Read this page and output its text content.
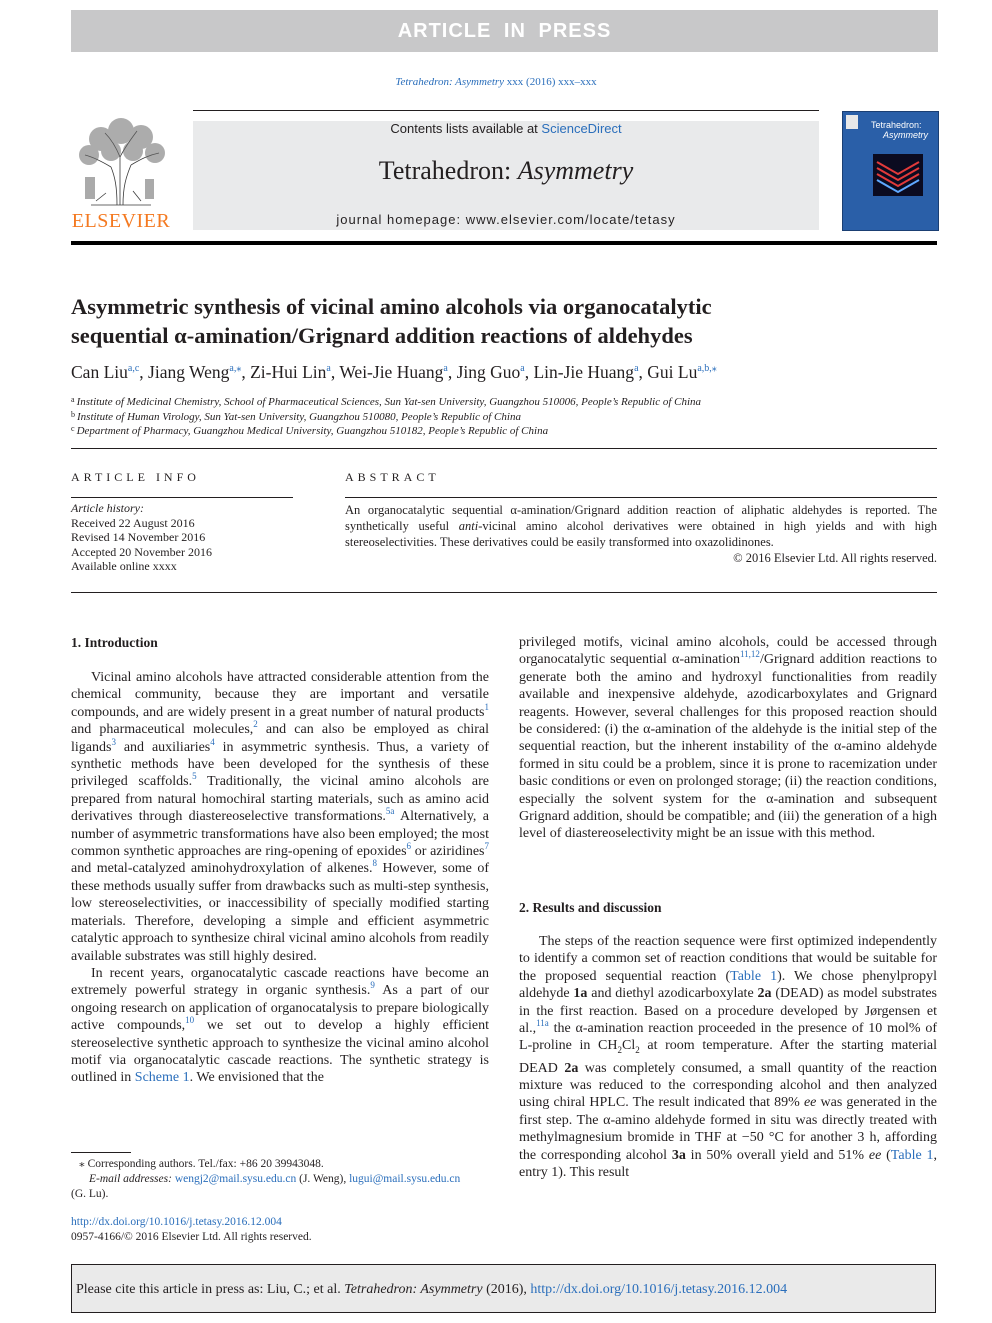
ARTICLE IN PRESS
Tetrahedron: Asymmetry xxx (2016) xxx–xxx
ELSEVIER
Contents lists available at ScienceDirect
Tetrahedron: Asymmetry
journal homepage: www.elsevier.com/locate/tetasy
Tetrahedron:
Asymmetry
Asymmetric synthesis of vicinal amino alcohols via organocatalytic
sequential α-amination/Grignard addition reactions of aldehydes
Can Liu$^{a,c}$, Jiang Weng$^{a,⁎}$, Zi-Hui Lin$^a$, Wei-Jie Huang$^a$, Jing Guo$^a$, Lin-Jie Huang$^a$, Gui $Lu^{a,b,⁎}$
$^a$ Institute of Medicinal Chemistry, School of Pharmaceutical Sciences, Sun Yat-sen University, Guangzhou 510006, People’s Republic of China
$^b$ Institute of Human Virology, Sun Yat-sen University, Guangzhou 510080, People’s Republic of China
$^c$ Department of Pharmacy, Guangzhou Medical University, Guangzhou 510182, People’s Republic of China
ARTICLE INFO
Article history:
Received 22 August 2016
Revised 14 November 2016
Accepted 20 November 2016
Available online xxxx
ABSTRACT
An organocatalytic sequential α-amination/Grignard addition reaction of aliphatic aldehydes is reported. The synthetically useful anti-vicinal amino alcohol derivatives were obtained in high yields and with high stereoselectivities. These derivatives could be easily transformed into oxazolidinones.
© 2016 Elsevier Ltd. All rights reserved.
1. Introduction

Vicinal amino alcohols have attracted considerable attention from the chemical community, because they are important and versatile compounds, and are widely present in a great number of natural products$^1$ and pharmaceutical molecules,$^2$ and can also be employed as chiral ligands$^3$ and auxiliaries$^4$ in asymmetric synthesis. Thus, a variety of synthetic methods have been developed for the synthesis of these privileged scaffolds.$^5$ Traditionally, the vicinal amino alcohols are prepared from natural homochiral starting materials, such as amino acid derivatives through diastereoselective transformations.$^{5a}$ Alternatively, a number of asymmetric transformations have also been employed; the most common synthetic approaches are ring-opening of epoxides$^6$ or aziridines$^7$ and metal-catalyzed aminohydroxylation of alkenes.$^8$ However, some of these methods usually suffer from drawbacks such as multi-step synthesis, low stereoselectivities, or inaccessibility of specially modified starting materials. Therefore, developing a simple and efficient asymmetric catalytic approach to synthesize chiral vicinal amino alcohols from readily available substrates was still highly desired.

In recent years, organocatalytic cascade reactions have become an extremely powerful strategy in organic synthesis.$^9$ As a part of our ongoing research on application of organocatalysis to prepare biologically active compounds,$^{10}$ we set out to develop a highly efficient stereoselective synthetic approach to synthesize the vicinal amino alcohol motif via organocatalytic cascade reactions. The synthetic strategy is outlined in Scheme 1. We envisioned that the

⁎ Corresponding authors. Tel./fax: +86 20 39943048.
E-mail addresses: wengj2@mail.sysu.edu.cn (J. Weng), lugui@mail.sysu.edu.cn
(G. Lu).
http://dx.doi.org/10.1016/j.tetasy.2016.12.004
0957-4166/© 2016 Elsevier Ltd. All rights reserved.

privileged motifs, vicinal amino alcohols, could be accessed through organocatalytic sequential α-amination$^{11,12}$/Grignard addition reactions to generate both the amino and hydroxyl functionalities from readily available and inexpensive aldehyde, azodicarboxylates and Grignard reagents. However, several challenges for this proposed reaction should be considered: (i) the α-amination of the aldehyde is the initial step of the sequential reaction, but the inherent instability of the α-amino aldehyde formed in situ could be a problem, since it is prone to racemization under basic conditions or even on prolonged storage; (ii) the reaction conditions, especially the solvent system for the α-amination and subsequent Grignard addition, should be compatible; and (iii) the generation of a high level of diastereoselectivity might be an issue with this method.

2. Results and discussion

The steps of the reaction sequence were first optimized independently to identify a common set of reaction conditions that would be suitable for the proposed sequential reaction (Table 1). We chose phenylpropyl aldehyde 1a and diethyl azodicarboxylate 2a (DEAD) as model substrates in the first reaction. Based on a procedure developed by Jørgensen et al.,$^{11a}$ the α-amination reaction proceeded in the presence of 10 mol% of L-proline in $CH_2Cl_2$ at room temperature. After the starting material DEAD 2a was completely consumed, a small quantity of the reaction mixture was reduced to the corresponding alcohol and then analyzed using chiral HPLC. The result indicated that 89% ee was generated in the first step. The α-amino aldehyde formed in situ was directly treated with methylmagnesium bromide in THF at −50 °C for another 3 h, affording the corresponding alcohol 3a in 50% overall yield and 51% ee (Table 1, entry 1). This result

Please cite this article in press as: Liu, C.; et al. Tetrahedron: Asymmetry (2016), http://dx.doi.org/10.1016/j.tetasy.2016.12.004
